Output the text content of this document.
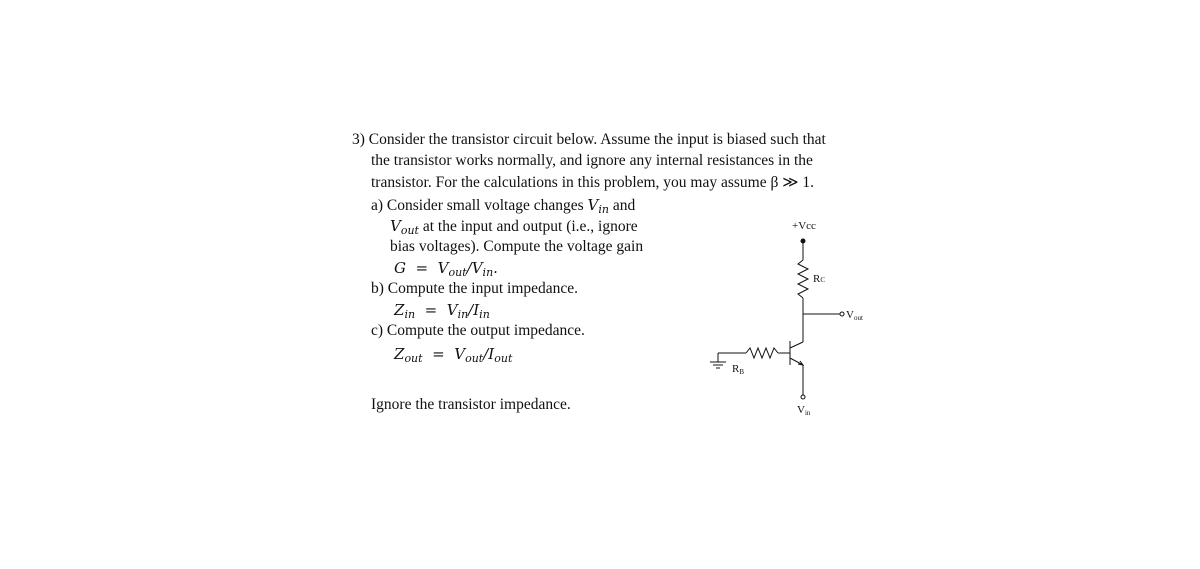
3) Consider the transistor circuit below. Assume the input is biased such that
the transistor works normally, and ignore any internal resistances in the
transistor. For the calculations in this problem, you may assume β ≫ 1.
a) Consider small voltage changes $V_{in}$ and
$V_{out}$ at the input and output (i.e., ignore
bias voltages). Compute the voltage gain
$G = V_{out}/V_{in}$.
b) Compute the input impedance.
$Z_{in} = V_{in}/I_{in}$
c) Compute the output impedance.
$Z_{out} = V_{out}/I_{out}$
Ignore the transistor impedance.
+Vcc
RC
Vout
RB
Vin
